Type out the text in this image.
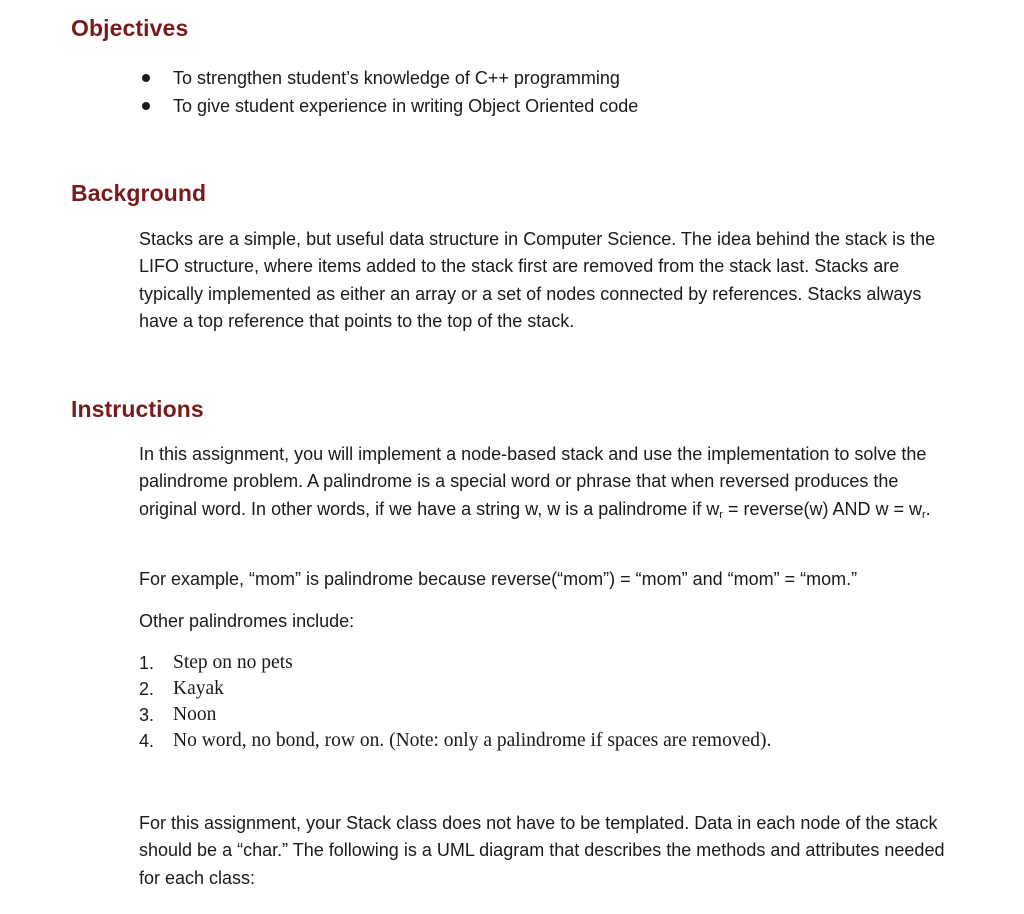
Objectives
To strengthen student’s knowledge of C++ programming
To give student experience in writing Object Oriented code
Background

Stacks are a simple, but useful data structure in Computer Science. The idea behind the stack is the LIFO structure, where items added to the stack first are removed from the stack last. Stacks are typically implemented as either an array or a set of nodes connected by references. Stacks always have a top reference that points to the top of the stack.

Instructions

In this assignment, you will implement a node-based stack and use the implementation to solve the palindrome problem. A palindrome is a special word or phrase that when reversed produces the original word. In other words, if we have a string w, w is a palindrome if $w_r$ = reverse(w) AND $w = w_r$.

For example, “mom” is palindrome because reverse(“mom”) = “mom” and “mom” = “mom.”

Other palindromes include:

1. Step on no pets
2. Kayak
3. Noon
4. No word, no bond, row on. (Note: only a palindrome if spaces are removed).

For this assignment, your Stack class does not have to be templated. Data in each node of the stack should be a “char.” The following is a UML diagram that describes the methods and attributes needed for each class:
